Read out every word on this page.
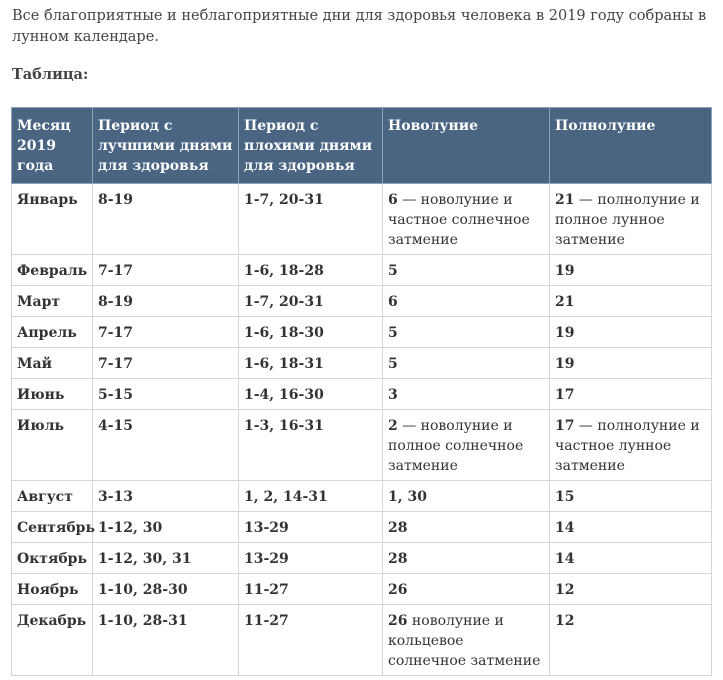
Все благоприятные и неблагоприятные дни для здоровья человека в 2019 году собраны в лунном календаре.

Таблица:

Месяц 2019 года	Период с лучшими днями для здоровья	Период с плохими днями для здоровья	Новолуние	Полнолуние
Январь	8-19	1-7, 20-31	6 — новолуние и частное солнечное затмение	21 — полнолуние и полное лунное затмение
Февраль	7-17	1-6, 18-28	5	19
Март	8-19	1-7, 20-31	6	21
Апрель	7-17	1-6, 18-30	5	19
Май	7-17	1-6, 18-31	5	19
Июнь	5-15	1-4, 16-30	3	17
Июль	4-15	1-3, 16-31	2 — новолуние и полное солнечное затмение	17 — полнолуние и частное лунное затмение
Август	3-13	1, 2, 14-31	1, 30	15
Сентябрь	1-12, 30	13-29	28	14
Октябрь	1-12, 30, 31	13-29	28	14
Ноябрь	1-10, 28-30	11-27	26	12
Декабрь	1-10, 28-31	11-27	26 новолуние и кольцевое солнечное затмение	12
